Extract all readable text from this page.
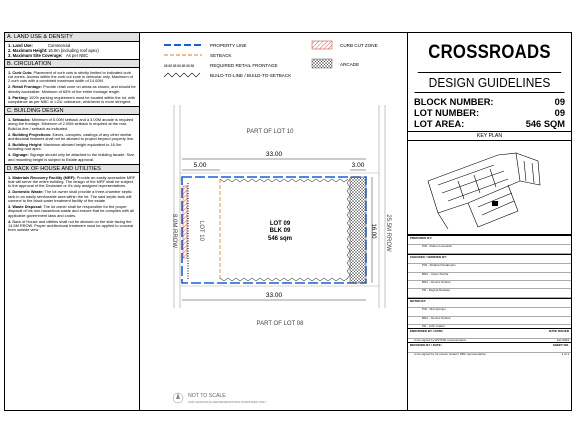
A. LAND USE & DENSITY
1. Land Use:	Commercial
2. Maximum Height: 16.0m (including roof apex)
3. Maximum Site Coverage: As per NBC
B. CIRCULATION
1. Curb Cuts: Placement of curb cuts is strictly limited to indicated curb cut zones. Access within the curb cut zone is vehicular only. Maximum of 2 curb cuts with a combined maximum width of 14.00M.
2. Retail Frontage: Provide retail zone on areas as shown, and should be directly accessible. Minimum of 65% of the entire frontage length
3. Parking: 100% parking requirement must be located within the lot, with compliance as per NBC or LGU ordinance, whichever is more stringent.
C. BUILDING DESIGN
1. Setbacks: Minimum of 5.00M setback and a 3.00M arcade is required along the frontage. Minimum of 2.00M setback is required at the rear. Build-to-line / setback as indicated.
2. Building Projections: Eaves, canopies, castings of any other similar architectural features shall not be allowed to project beyond property line.
3. Building Height: Maximum allowed height equivalent to 16.0m including roof apex.
4. Signage: Signage should only be attached to the building facade. Size and mounting height is subject to Estate approval.
D. BACK OF HOUSE AND UTILITIES
1. Materials Recovery Facility (MRF): Provide an easily accessible MRF that will serve the entire building. The design of the MRF shall be subject to the approval of the Declarant or it's duly assigned representatives.
2. Domestic Waste: The lot owner shall provide a three-chamber septic tank in an easily serviceable area within the lot. The said septic tank will connect to the black water treatment facility of the estate.
3. Waste Disposal: The lot owner shall be responsible for the proper disposal of his non-hazardous waste and ensure that he complies with all applicable government laws and codes.
4. Back of House and utilities shall not be allowed on the side facing the 14.5M RROW. Proper architectural treatment must be applied to conceal from outside view
88 88 88 88 88 88 88
PART OF LOT 10
PART OF LOT 08
33.00
33.00
5.00	3.00
LOT 09
BLK 09
546 sqm
8.0M RROW	LOT 10	16.00 25.5M RROW
NOT TO SCALE
FOR GRAPHICAL REPRESENTATION PURPOSES ONLY
PROPERTY LINE
SETBACK
REQUIRED RETAIL FRONTAGE
BUILD-TO-LINE / BUILD-TO-SETBACK
CURB CUT ZONE
ARCADE
CROSSROADS
DESIGN GUIDELINES
BLOCK NUMBER:	09
LOT NUMBER:	09
LOT AREA:	546 SQM
KEY PLAN
PREPARED BY:
PID - Ruben Leonardo
CHECKED / VERIFIED BY:
PID - Shalina Panaheehs
BDC - Owen Rocha
BDC - Dennis Sobosr
PD - Regina Rosales
NOTED BY:
PID - Mia Quimpo
BDC - Dennis Sobsor
PD - John Calaro
ENDORSED BY / DATE:	DATE ISSUED
to be signed by ESTATE representative	Jan 2024
RECEIVED BY / DATE:	SHEET NO.
to be signed by lot owner/ locator/ DBU representative	1 of 1
